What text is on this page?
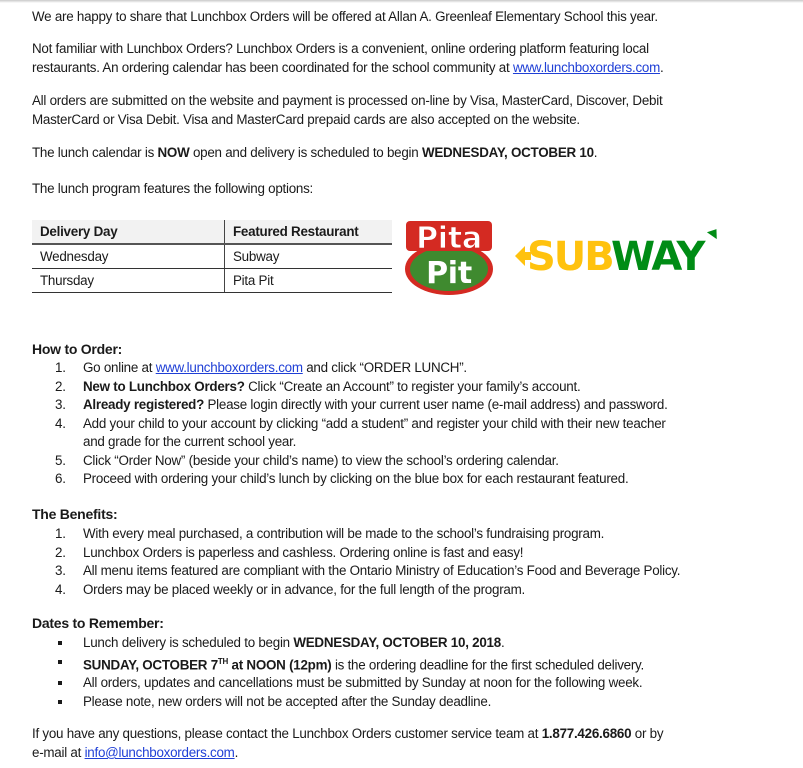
We are happy to share that Lunchbox Orders will be offered at Allan A. Greenleaf Elementary School this year.
Not familiar with Lunchbox Orders? Lunchbox Orders is a convenient, online ordering platform featuring local
restaurants. An ordering calendar has been coordinated for the school community at www.lunchboxorders.com.
All orders are submitted on the website and payment is processed on-line by Visa, MasterCard, Discover, Debit
MasterCard or Visa Debit. Visa and MasterCard prepaid cards are also accepted on the website.
The lunch calendar is NOW open and delivery is scheduled to begin WEDNESDAY, OCTOBER 10.
The lunch program features the following options:
Delivery Day	Featured Restaurant
Wednesday	Subway
Thursday	Pita Pit
Pita
Pit SUB
WAY
How to Order:
1. Go online at www.lunchboxorders.com and click “ORDER LUNCH”.
2. New to Lunchbox Orders? Click “Create an Account” to register your family’s account.
3. Already registered? Please login directly with your current user name (e-mail address) and password.
4. Add your child to your account by clicking “add a student” and register your child with their new teacher
and grade for the current school year.
5. Click “Order Now” (beside your child’s name) to view the school’s ordering calendar.
6. Proceed with ordering your child’s lunch by clicking on the blue box for each restaurant featured.
The Benefits:
1. With every meal purchased, a contribution will be made to the school’s fundraising program.
2. Lunchbox Orders is paperless and cashless. Ordering online is fast and easy!
3. All menu items featured are compliant with the Ontario Ministry of Education’s Food and Beverage Policy.
4. Orders may be placed weekly or in advance, for the full length of the program.
Dates to Remember:
Lunch delivery is scheduled to begin WEDNESDAY, OCTOBER 10, 2018.
SUNDAY, OCTOBER 7TH at NOON (12pm) is the ordering deadline for the first scheduled delivery.
All orders, updates and cancellations must be submitted by Sunday at noon for the following week.
Please note, new orders will not be accepted after the Sunday deadline.
If you have any questions, please contact the Lunchbox Orders customer service team at 1.877.426.6860 or by
e-mail at info@lunchboxorders.com.
